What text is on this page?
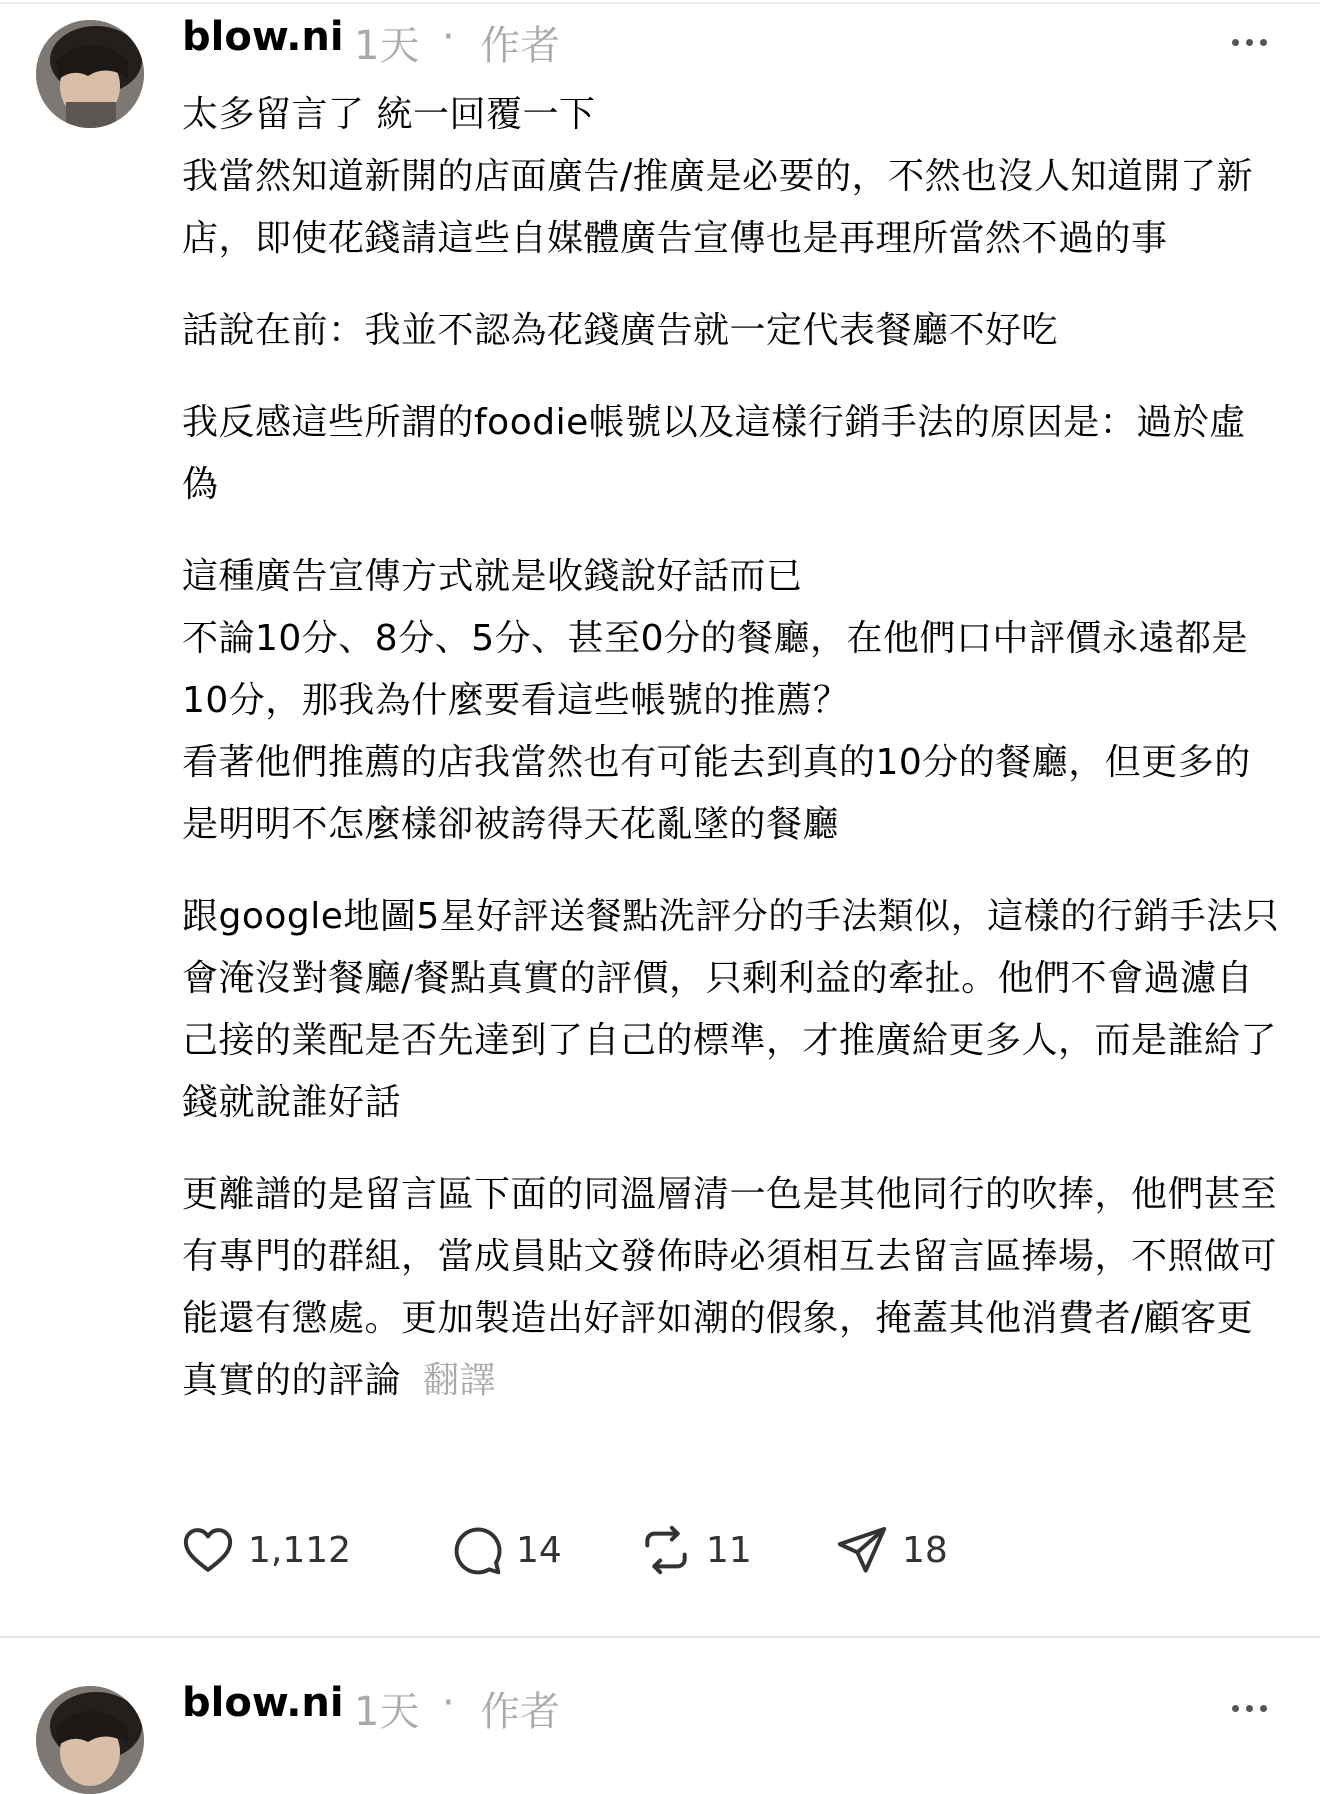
blow.ni 1天 · 作者

太多留言了 統一回覆一下
我當然知道新開的店面廣告/推廣是必要的，不然也沒人知道開了新店，即使花錢請這些自媒體廣告宣傳也是再理所當然不過的事

話說在前：我並不認為花錢廣告就一定代表餐廳不好吃

我反感這些所謂的foodie帳號以及這樣行銷手法的原因是：過於虛偽

這種廣告宣傳方式就是收錢說好話而已
不論10分、8分、5分、甚至0分的餐廳，在他們口中評價永遠都是10分，那我為什麼要看這些帳號的推薦？
看著他們推薦的店我當然也有可能去到真的10分的餐廳，但更多的是明明不怎麼樣卻被誇得天花亂墜的餐廳

跟google地圖5星好評送餐點洗評分的手法類似，這樣的行銷手法只會淹沒對餐廳/餐點真實的評價，只剩利益的牽扯。他們不會過濾自己接的業配是否先達到了自己的標準，才推廣給更多人，而是誰給了錢就說誰好話

更離譜的是留言區下面的同溫層清一色是其他同行的吹捧，他們甚至有專門的群組，當成員貼文發佈時必須相互去留言區捧場，不照做可能還有懲處。更加製造出好評如潮的假象，掩蓋其他消費者/顧客更真實的的評論 翻譯

1,112	14	11	18
blow.ni 1天 · 作者
